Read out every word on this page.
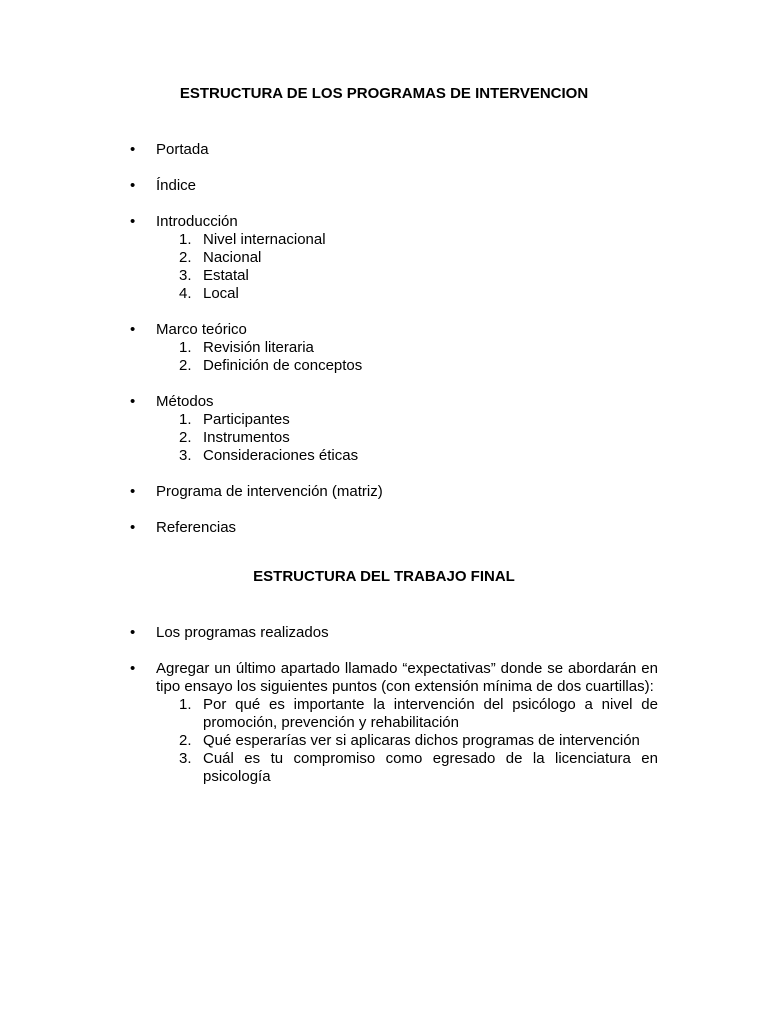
ESTRUCTURA DE LOS PROGRAMAS DE INTERVENCION
•	Portada
•	Índice
•	Introducción
1. Nivel internacional
2. Nacional
3. Estatal
4. Local
•	Marco teórico
1. Revisión literaria
2. Definición de conceptos
•	Métodos
1. Participantes
2. Instrumentos
3. Consideraciones éticas
•	Programa de intervención (matriz)
•	Referencias
ESTRUCTURA DEL TRABAJO FINAL
•	Los programas realizados
•	Agregar un último apartado llamado “expectativas” donde se abordarán en tipo ensayo los siguientes puntos (con extensión mínima de dos cuartillas):
1. Por qué es importante la intervención del psicólogo a nivel de promoción, prevención y rehabilitación
2. Qué esperarías ver si aplicaras dichos programas de intervención
3. Cuál es tu compromiso como egresado de la licenciatura en psicología
